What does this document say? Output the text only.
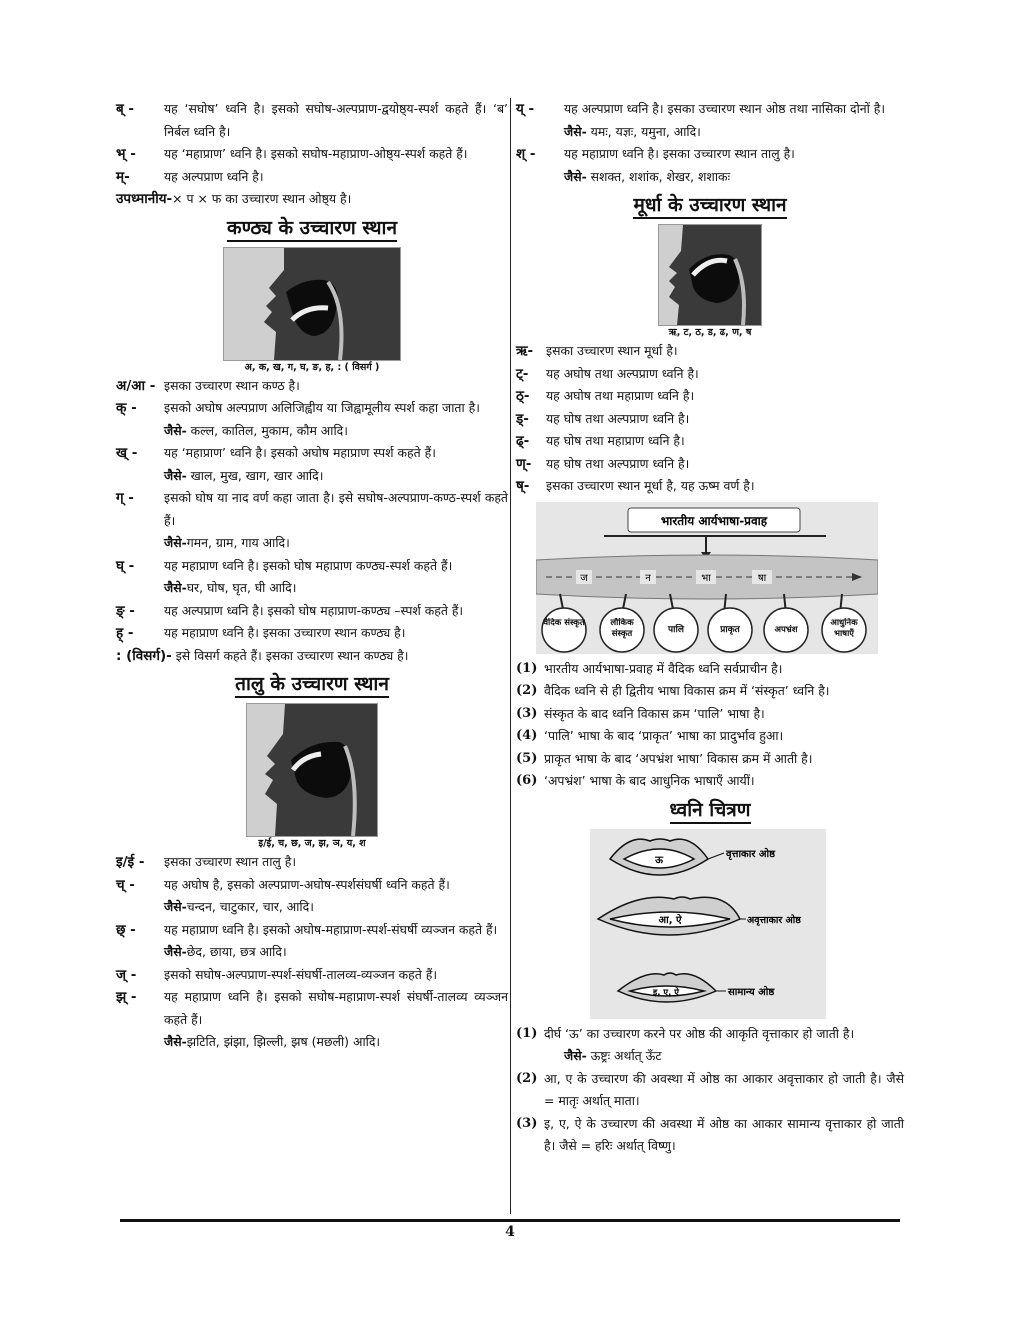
ब् -	यह ‘सघोष’ ध्वनि है। इसको सघोष-अल्पप्राण-द्वयोष्ठ्य-स्पर्श कहते हैं। ‘ब’ निर्बल ध्वनि है।
भ् -	यह ‘महाप्राण’ ध्वनि है। इसको सघोष-महाप्राण-ओष्ठ्य-स्पर्श कहते हैं।
म्-	यह अल्पप्राण ध्वनि है।
उपध्मानीय-× प × फ का उच्चारण स्थान ओष्ठ्य है।
कण्ठ्य के उच्चारण स्थान
अ, क, ख, ग, घ, ङ, ह, : ( विसर्ग )
अ/आ - इसका उच्चारण स्थान कण्ठ है।
क् -	इसको अघोष अल्पप्राण अलिजिह्वीय या जिह्वामूलीय स्पर्श कहा जाता है।
जैसे- कल्ल, कातिल, मुकाम, कौम आदि।
ख् -	यह ‘महाप्राण’ ध्वनि है। इसको अघोष महाप्राण स्पर्श कहते हैं।
जैसे- खाल, मुख, खाग, खार आदि।
ग् -	इसको घोष या नाद वर्ण कहा जाता है। इसे सघोष-अल्पप्राण-कण्ठ-स्पर्श कहते हैं।
जैसे-गमन, ग्राम, गाय आदि।
घ् -	यह महाप्राण ध्वनि है। इसको घोष महाप्राण कण्ठ्य-स्पर्श कहते हैं।
जैसे-घर, घोष, घृत, घी आदि।
ङ् -	यह अल्पप्राण ध्वनि है। इसको घोष महाप्राण-कण्ठ्य –स्पर्श कहते हैं।
ह् -	यह महाप्राण ध्वनि है। इसका उच्चारण स्थान कण्ठ्य है।
: (विसर्ग)- इसे विसर्ग कहते हैं। इसका उच्चारण स्थान कण्ठ्य है।
तालु के उच्चारण स्थान
इ/ई, च, छ, ज, झ, ञ, य, श
इ/ई -	इसका उच्चारण स्थान तालु है।
च् -	यह अघोष है, इसको अल्पप्राण-अघोष-स्पर्शसंघर्षी ध्वनि कहते हैं।
जैसे-चन्दन, चाटुकार, चार, आदि।
छ् -	यह महाप्राण ध्वनि है। इसको अघोष-महाप्राण-स्पर्श-संघर्षी व्यञ्जन कहते हैं।
जैसे-छेद, छाया, छत्र आदि।
ज् -	इसको सघोष-अल्पप्राण-स्पर्श-संघर्षी-तालव्य-व्यञ्जन कहते हैं।
झ् -	यह महाप्राण ध्वनि है। इसको सघोष-महाप्राण-स्पर्श संघर्षी-तालव्य व्यञ्जन कहते हैं।
जैसे-झटिति, झंझा, झिल्ली, झष (मछली) आदि।
य् -	यह अल्पप्राण ध्वनि है। इसका उच्चारण स्थान ओष्ठ तथा नासिका दोनों है।
जैसे- यमः, यज्ञः, यमुना, आदि।
श् -	यह महाप्राण ध्वनि है। इसका उच्चारण स्थान तालु है।
जैसे- सशक्त, शशांक, शेखर, शशाकः
मूर्धा के उच्चारण स्थान
ऋ, ट, ठ, ड, ढ, ण, ष
ऋ-	इसका उच्चारण स्थान मूर्धा है।
ट्-	यह अघोष तथा अल्पप्राण ध्वनि है।
ठ्-	यह अघोष तथा महाप्राण ध्वनि है।
ड्-	यह घोष तथा अल्पप्राण ध्वनि है।
ढ्-	यह घोष तथा महाप्राण ध्वनि है।
ण्-	यह घोष तथा अल्पप्राण ध्वनि है।
ष्-	इसका उच्चारण स्थान मूर्धा है, यह ऊष्म वर्ण है।
भारतीय आर्यभाषा-प्रवाह
ज	न	भा	षा
वैदिक संस्कृत	लौकिक संस्कृत	पालि	प्राकृत	अपभ्रंश
आधुनिक भाषाएँ
(1) भारतीय आर्यभाषा-प्रवाह में वैदिक ध्वनि सर्वप्राचीन है।
(2) वैदिक ध्वनि से ही द्वितीय भाषा विकास क्रम में ‘संस्कृत’ ध्वनि है।
(3) संस्कृत के बाद ध्वनि विकास क्रम ‘पालि’ भाषा है।
(4) ‘पालि’ भाषा के बाद ‘प्राकृत’ भाषा का प्रादुर्भाव हुआ।
(5) प्राकृत भाषा के बाद ‘अपभ्रंश भाषा’ विकास क्रम में आती है।
(6) ‘अपभ्रंश’ भाषा के बाद आधुनिक भाषाएँ आयीं।
ध्वनि चित्रण
ऊ
वृत्ताकार ओष्ठ
आ, ऐ	अवृत्ताकार ओष्ठ
इ, ए, ऐ	सामान्य ओष्ठ
(1) दीर्घ ‘ऊ’ का उच्चारण करने पर ओष्ठ की आकृति वृत्ताकार हो जाती है।
जैसे- ऊष्ट्रः अर्थात् ऊँट
(2) आ, ए के उच्चारण की अवस्था में ओष्ठ का आकार अवृत्ताकार हो जाती है। जैसे = मातृः अर्थात् माता।
(3) इ, ए, ऐ के उच्चारण की अवस्था में ओष्ठ का आकार सामान्य वृत्ताकार हो जाती है। जैसे = हरिः अर्थात् विष्णु।
4
